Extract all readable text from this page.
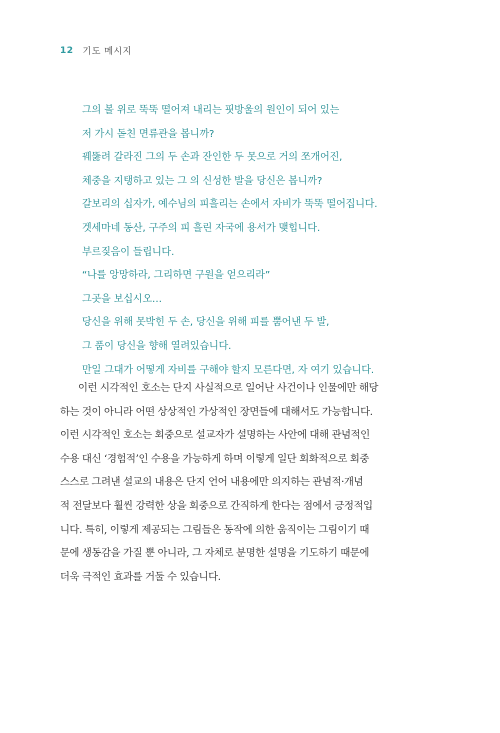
12 기도 메시지
그의 볼 위로 뚝뚝 떨어져 내리는 핏방울의 원인이 되어 있는
저 가시 돋친 면류관을 봅니까?
꿰뚫려 갈라진 그의 두 손과 잔인한 두 못으로 거의 쪼개어진,
체중을 지탱하고 있는 그 의 신성한 발을 당신은 봅니까?
갈보리의 십자가, 예수님의 피흘리는 손에서 자비가 뚝뚝 떨어집니다.
겟세마네 동산, 구주의 피 흘린 자국에 용서가 맺힙니다.
부르짖음이 들립니다.
“나를 앙망하라, 그리하면 구원을 얻으리라”
그곳을 보십시오…
당신을 위해 못박힌 두 손, 당신을 위해 피를 뿜어낸 두 발,
그 품이 당신을 향해 열려있습니다.
만일 그대가 어떻게 자비를 구해야 할지 모른다면, 자 여기 있습니다.
이런 시각적인 호소는 단지 사실적으로 일어난 사건이나 인물에만 해당
하는 것이 아니라 어떤 상상적인 가상적인 장면들에 대해서도 가능합니다.
이런 시각적인 호소는 회중으로 설교자가 설명하는 사안에 대해 관념적인
수용 대신 ‘경험적’인 수용을 가능하게 하며 이렇게 일단 회화적으로 회중
스스로 그려낸 설교의 내용은 단지 언어 내용에만 의지하는 관념적·개념
적 전달보다 훨씬 강력한 상을 회중으로 간직하게 한다는 점에서 긍정적입
니다. 특히, 이렇게 제공되는 그림들은 동작에 의한 움직이는 그림이기 때
문에 생동감을 가질 뿐 아니라, 그 자체로 분명한 설명을 기도하기 때문에
더욱 극적인 효과를 거둘 수 있습니다.
